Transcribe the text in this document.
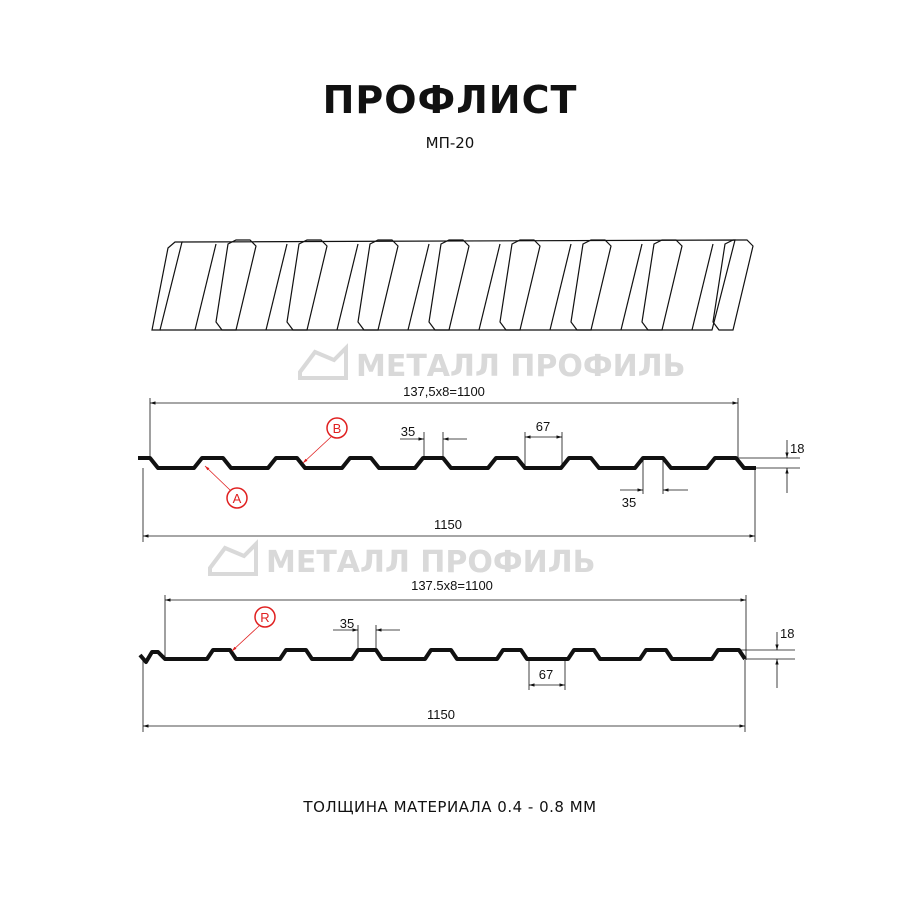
ПРОФЛИСТ
МП-20
МЕТАЛЛ ПРОФИЛЬ
МЕТАЛЛ ПРОФИЛЬ
137,5x8=1100
1150
35	67
35
18
B
A
137.5x8=1100
1150
35
67
18
R
ТОЛЩИНА МАТЕРИАЛА 0.4 - 0.8 ММ
